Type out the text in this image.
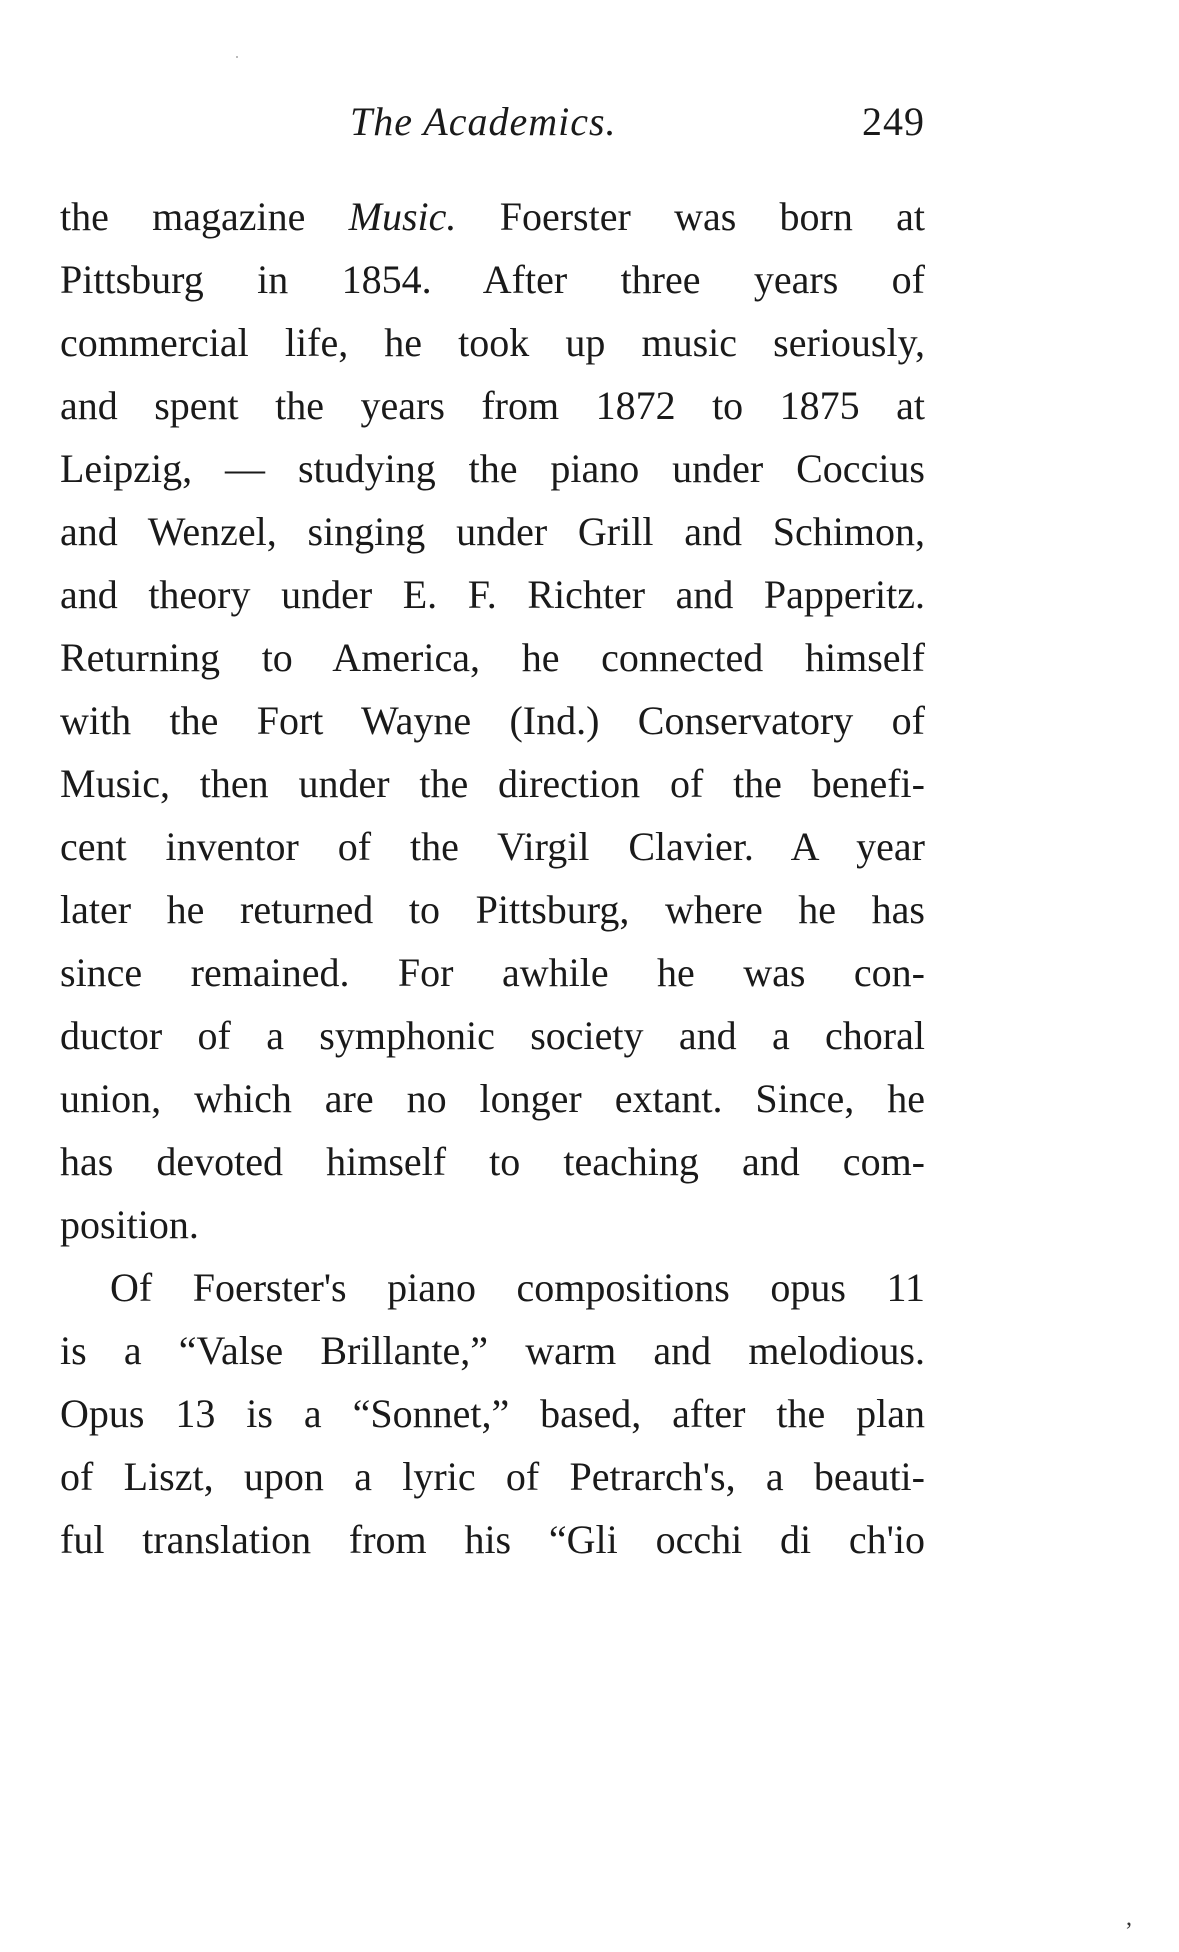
The Academics.	249
the magazine Music. Foerster was born at
Pittsburg in 1854. After three years of
commercial life, he took up music seriously,
and spent the years from 1872 to 1875 at
Leipzig, — studying the piano under Coccius
and Wenzel, singing under Grill and Schimon,
and theory under E. F. Richter and Papperitz.
Returning to America, he connected himself
with the Fort Wayne (Ind.) Conservatory of
Music, then under the direction of the benefi-
cent inventor of the Virgil Clavier. A year
later he returned to Pittsburg, where he has
since remained. For awhile he was con-
ductor of a symphonic society and a choral
union, which are no longer extant. Since, he
has devoted himself to teaching and com-
position.
Of Foerster's piano compositions opus 11
is a “Valse Brillante,” warm and melodious.
Opus 13 is a “Sonnet,” based, after the plan
of Liszt, upon a lyric of Petrarch's, a beauti-
ful translation from his “Gli occhi di ch'io
,
